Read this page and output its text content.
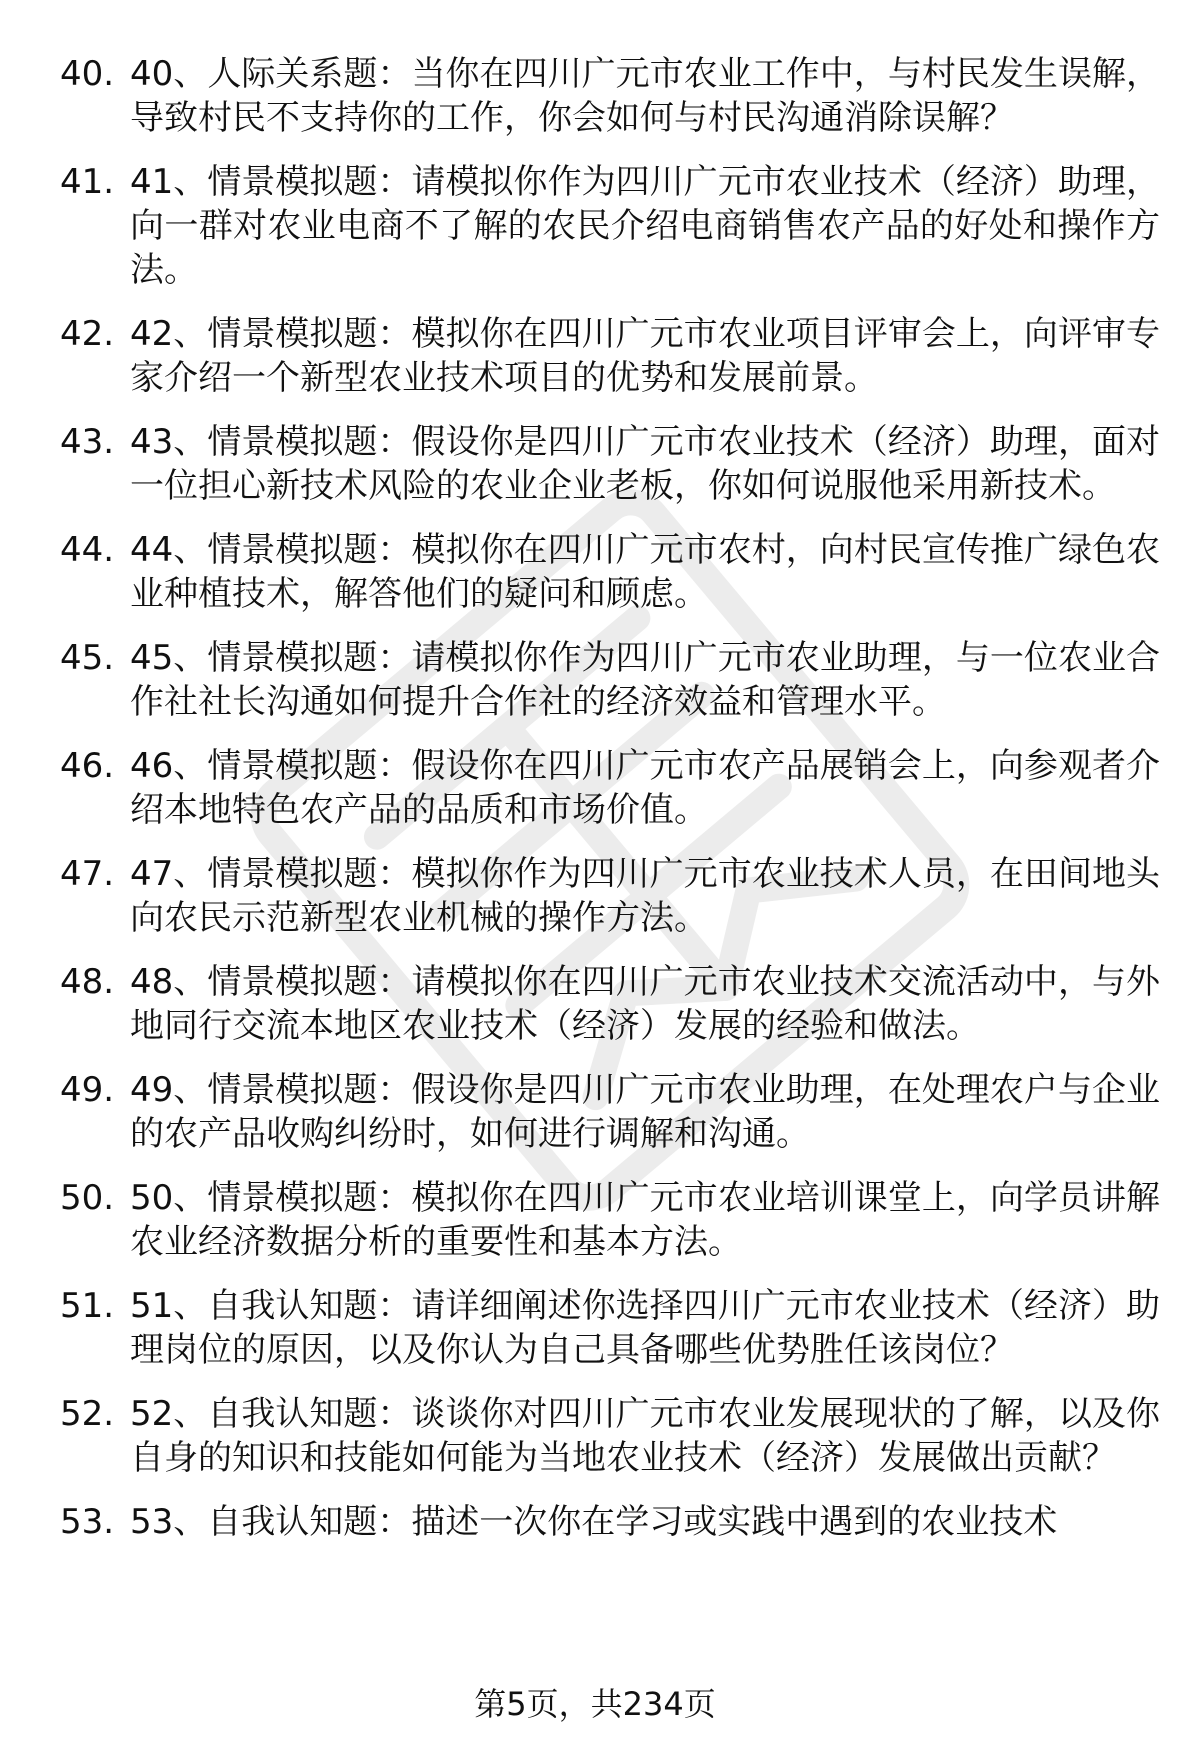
40. 40、人际关系题：当你在四川广元市农业工作中，与村民发生误解，导致村民不支持你的工作，你会如何与村民沟通消除误解？
41. 41、情景模拟题：请模拟你作为四川广元市农业技术（经济）助理，向一群对农业电商不了解的农民介绍电商销售农产品的好处和操作方法。
42. 42、情景模拟题：模拟你在四川广元市农业项目评审会上，向评审专家介绍一个新型农业技术项目的优势和发展前景。
43. 43、情景模拟题：假设你是四川广元市农业技术（经济）助理，面对一位担心新技术风险的农业企业老板，你如何说服他采用新技术。
44. 44、情景模拟题：模拟你在四川广元市农村，向村民宣传推广绿色农业种植技术，解答他们的疑问和顾虑。
45. 45、情景模拟题：请模拟你作为四川广元市农业助理，与一位农业合作社社长沟通如何提升合作社的经济效益和管理水平。
46. 46、情景模拟题：假设你在四川广元市农产品展销会上，向参观者介绍本地特色农产品的品质和市场价值。
47. 47、情景模拟题：模拟你作为四川广元市农业技术人员，在田间地头向农民示范新型农业机械的操作方法。
48. 48、情景模拟题：请模拟你在四川广元市农业技术交流活动中，与外地同行交流本地区农业技术（经济）发展的经验和做法。
49. 49、情景模拟题：假设你是四川广元市农业助理，在处理农户与企业的农产品收购纠纷时，如何进行调解和沟通。
50. 50、情景模拟题：模拟你在四川广元市农业培训课堂上，向学员讲解农业经济数据分析的重要性和基本方法。
51. 51、自我认知题：请详细阐述你选择四川广元市农业技术（经济）助理岗位的原因，以及你认为自己具备哪些优势胜任该岗位？
52. 52、自我认知题：谈谈你对四川广元市农业发展现状的了解，以及你自身的知识和技能如何能为当地农业技术（经济）发展做出贡献？
53. 53、自我认知题：描述一次你在学习或实践中遇到的农业技术
第5页，共234页
